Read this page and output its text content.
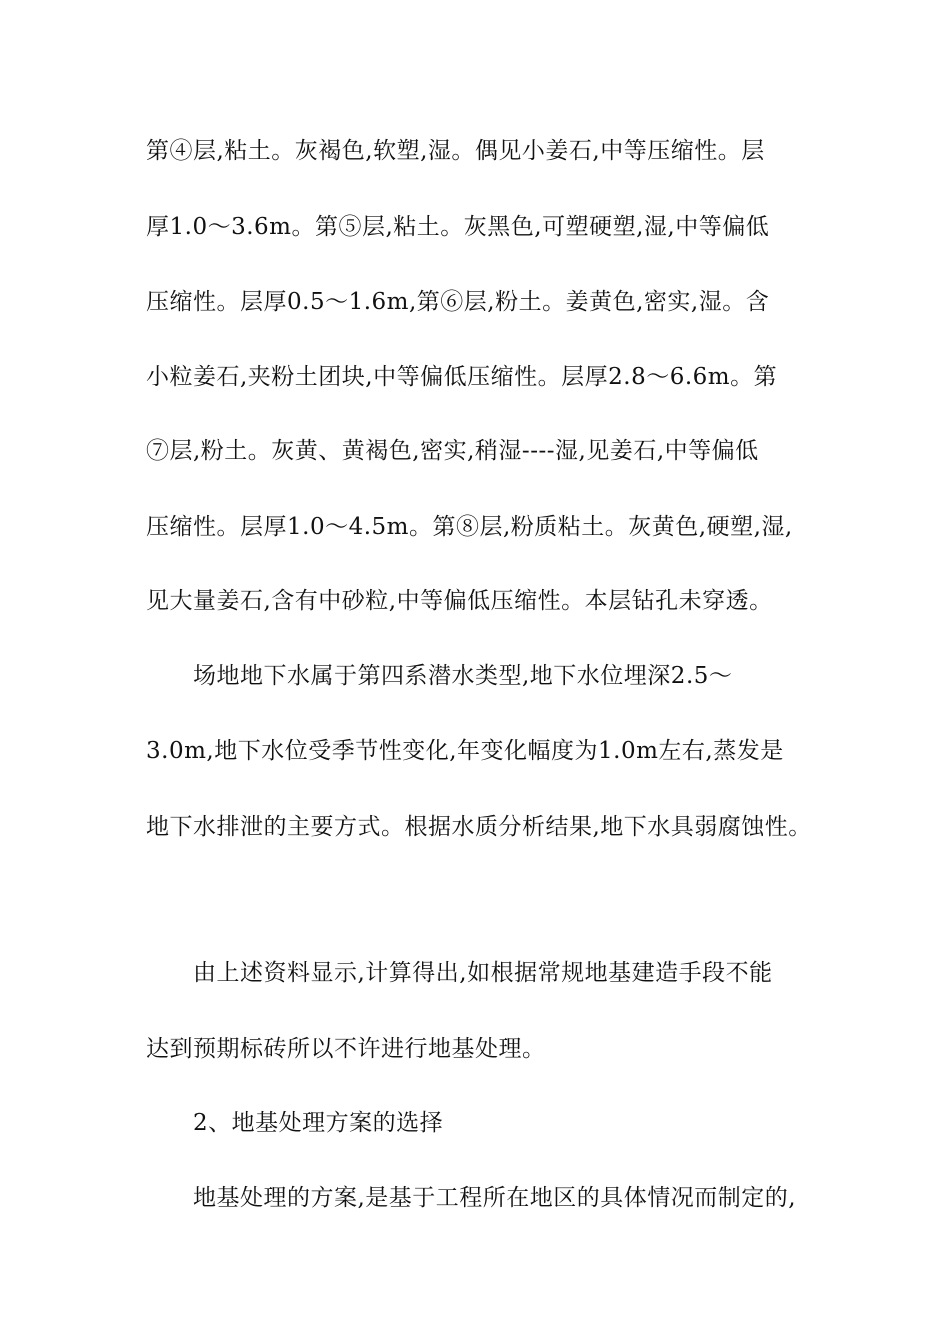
第④层,粘土。灰褐色,软塑,湿。偶见小姜石,中等压缩性。层
厚1.0～3.6m。第⑤层,粘土。灰黑色,可塑硬塑,湿,中等偏低
压缩性。层厚0.5～1.6m,第⑥层,粉土。姜黄色,密实,湿。含
小粒姜石,夹粉土团块,中等偏低压缩性。层厚2.8～6.6m。第
⑦层,粉土。灰黄、黄褐色,密实,稍湿----湿,见姜石,中等偏低
压缩性。层厚1.0～4.5m。第⑧层,粉质粘土。灰黄色,硬塑,湿,
见大量姜石,含有中砂粒,中等偏低压缩性。本层钻孔未穿透。
场地地下水属于第四系潜水类型,地下水位埋深2.5～
3.0m,地下水位受季节性变化,年变化幅度为1.0m左右,蒸发是
地下水排泄的主要方式。根据水质分析结果,地下水具弱腐蚀性。
由上述资料显示,计算得出,如根据常规地基建造手段不能
达到预期标砖所以不许进行地基处理。
2、地基处理方案的选择
地基处理的方案,是基于工程所在地区的具体情况而制定的,
